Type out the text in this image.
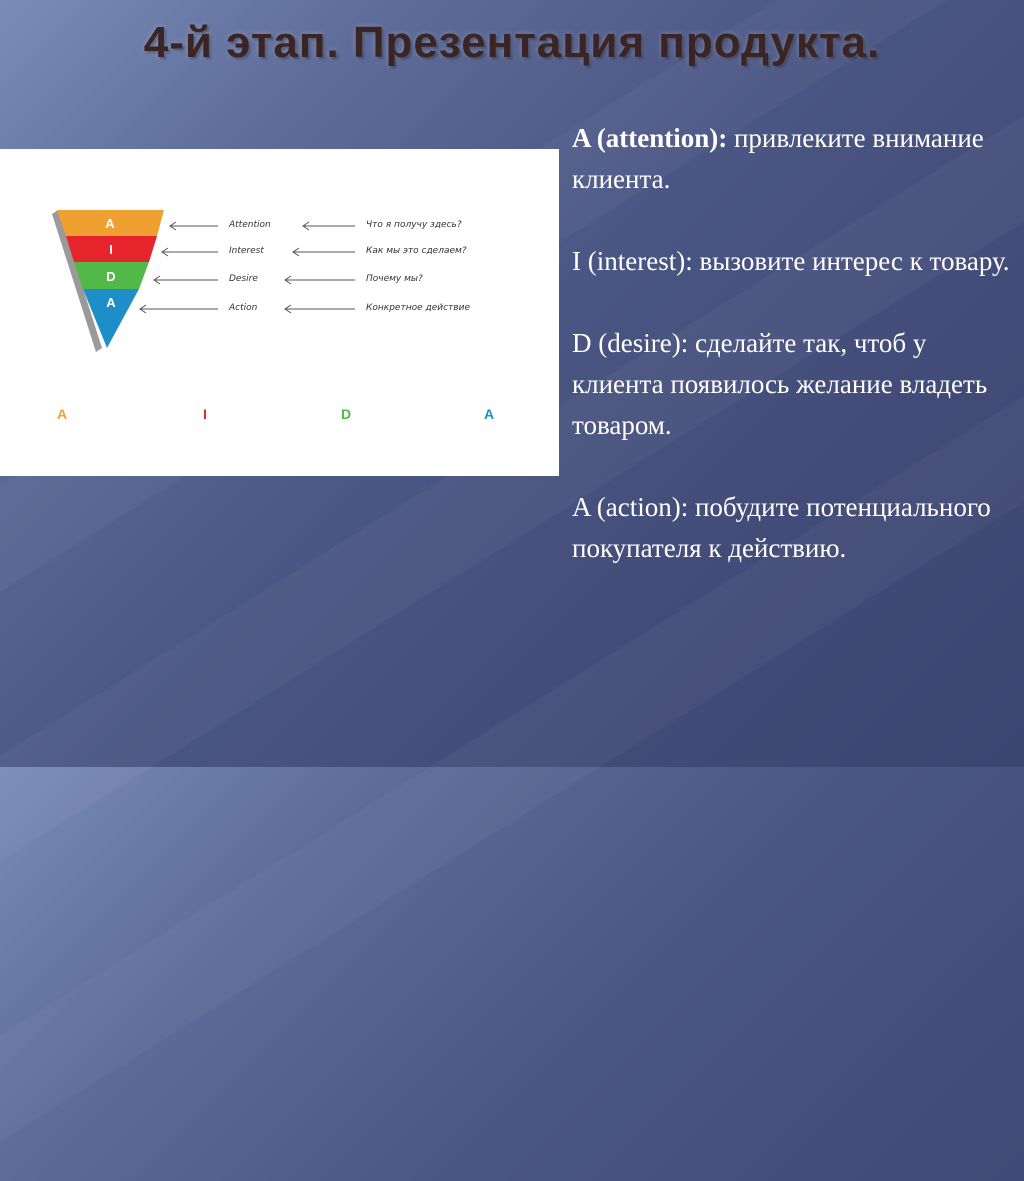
4-й этап. Презентация продукта.
A
I
D
A
Attention
Interest
Desire
Action
Что я получу здесь?
Как мы это сделаем?
Почему мы?
Конкретное действие
A	I	D	A

A (attention): привлеките внимание клиента.

I (interest): вызовите интерес к товару.

D (desire): сделайте так, чтоб у клиента появилось желание владеть товаром.

A (action): побудите потенциального покупателя к действию.
